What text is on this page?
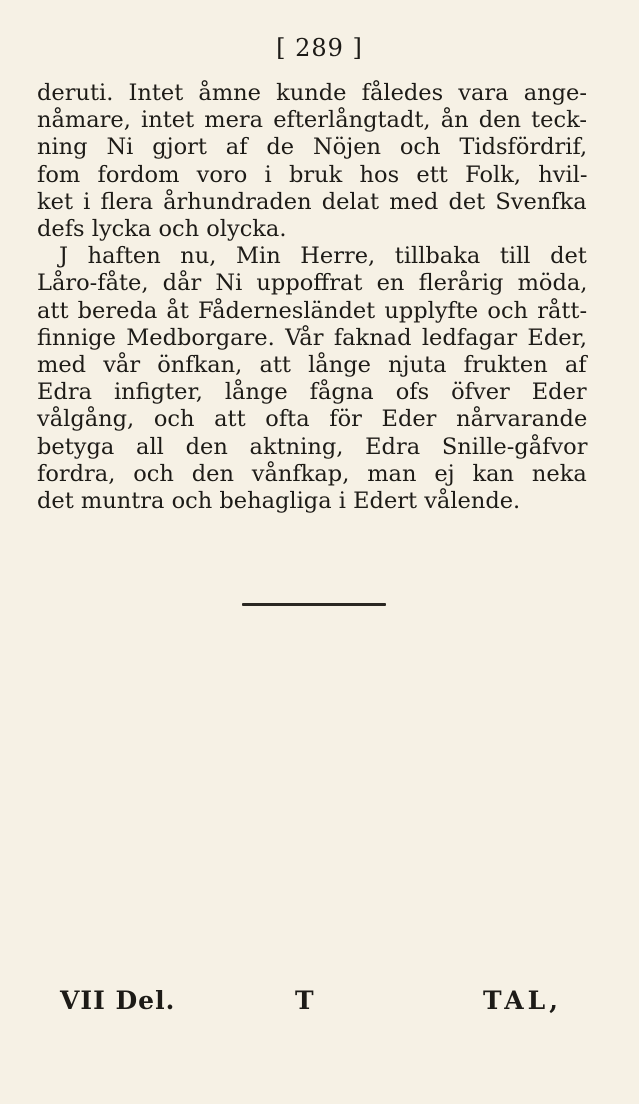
[ 289 ]
deruti. Intet åmne kunde fåledes vara ange-
nåmare, intet mera efterlångtadt, ån den teck-
ning Ni gjort af de Nöjen och Tidsfördrif,
fom fordom voro i bruk hos ett Folk, hvil-
ket i flera århundraden delat med det Svenfka
defs lycka och olycka.
J haften nu, Min Herre, tillbaka till det
Låro-fåte, dår Ni uppoffrat en flerårig möda,
att bereda åt Fådernesländet upplyfte och rått-
finnige Medborgare. Vår faknad ledfagar Eder,
med vår önfkan, att långe njuta frukten af
Edra infigter, långe fågna ofs öfver Eder
vålgång, och att ofta för Eder nårvarande
betyga all den aktning, Edra Snille-gåfvor
fordra, och den vånfkap, man ej kan neka
det muntra och behagliga i Edert vålende.
VII Del.	T	TAL,
